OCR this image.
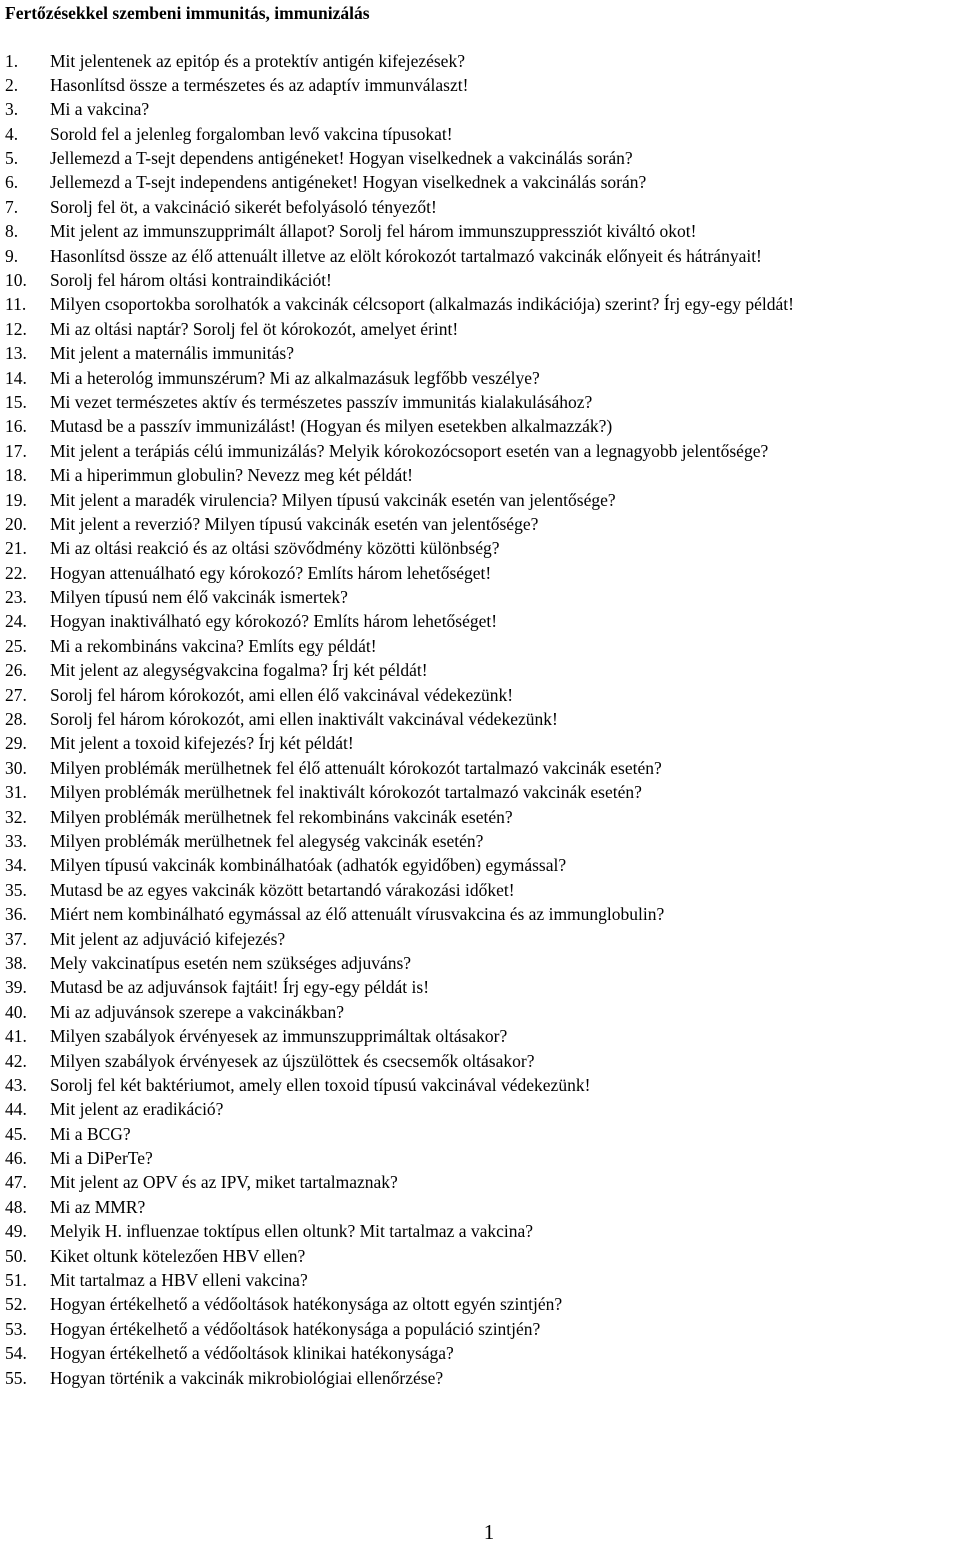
Fertőzésekkel szembeni immunitás, immunizálás
1. Mit jelentenek az epitóp és a protektív antigén kifejezések?
2. Hasonlítsd össze a természetes és az adaptív immunválaszt!
3. Mi a vakcina?
4. Sorold fel a jelenleg forgalomban levő vakcina típusokat!
5. Jellemezd a T-sejt dependens antigéneket! Hogyan viselkednek a vakcinálás során?
6. Jellemezd a T-sejt independens antigéneket! Hogyan viselkednek a vakcinálás során?
7. Sorolj fel öt, a vakcináció sikerét befolyásoló tényezőt!
8. Mit jelent az immunszupprimált állapot? Sorolj fel három immunszuppressziót kiváltó okot!
9. Hasonlítsd össze az élő attenuált illetve az elölt kórokozót tartalmazó vakcinák előnyeit és hátrányait!
10. Sorolj fel három oltási kontraindikációt!
11. Milyen csoportokba sorolhatók a vakcinák célcsoport (alkalmazás indikációja) szerint? Írj egy-egy példát!
12. Mi az oltási naptár? Sorolj fel öt kórokozót, amelyet érint!
13. Mit jelent a maternális immunitás?
14. Mi a heterológ immunszérum? Mi az alkalmazásuk legfőbb veszélye?
15. Mi vezet természetes aktív és természetes passzív immunitás kialakulásához?
16. Mutasd be a passzív immunizálást! (Hogyan és milyen esetekben alkalmazzák?)
17. Mit jelent a terápiás célú immunizálás? Melyik kórokozócsoport esetén van a legnagyobb jelentősége?
18. Mi a hiperimmun globulin? Nevezz meg két példát!
19. Mit jelent a maradék virulencia? Milyen típusú vakcinák esetén van jelentősége?
20. Mit jelent a reverzió? Milyen típusú vakcinák esetén van jelentősége?
21. Mi az oltási reakció és az oltási szövődmény közötti különbség?
22. Hogyan attenuálható egy kórokozó? Említs három lehetőséget!
23. Milyen típusú nem élő vakcinák ismertek?
24. Hogyan inaktiválható egy kórokozó? Említs három lehetőséget!
25. Mi a rekombináns vakcina? Említs egy példát!
26. Mit jelent az alegységvakcina fogalma? Írj két példát!
27. Sorolj fel három kórokozót, ami ellen élő vakcinával védekezünk!
28. Sorolj fel három kórokozót, ami ellen inaktivált vakcinával védekezünk!
29. Mit jelent a toxoid kifejezés? Írj két példát!
30. Milyen problémák merülhetnek fel élő attenuált kórokozót tartalmazó vakcinák esetén?
31. Milyen problémák merülhetnek fel inaktivált kórokozót tartalmazó vakcinák esetén?
32. Milyen problémák merülhetnek fel rekombináns vakcinák esetén?
33. Milyen problémák merülhetnek fel alegység vakcinák esetén?
34. Milyen típusú vakcinák kombinálhatóak (adhatók egyidőben) egymással?
35. Mutasd be az egyes vakcinák között betartandó várakozási időket!
36. Miért nem kombinálható egymással az élő attenuált vírusvakcina és az immunglobulin?
37. Mit jelent az adjuváció kifejezés?
38. Mely vakcinatípus esetén nem szükséges adjuváns?
39. Mutasd be az adjuvánsok fajtáit! Írj egy-egy példát is!
40. Mi az adjuvánsok szerepe a vakcinákban?
41. Milyen szabályok érvényesek az immunszupprimáltak oltásakor?
42. Milyen szabályok érvényesek az újszülöttek és csecsemők oltásakor?
43. Sorolj fel két baktériumot, amely ellen toxoid típusú vakcinával védekezünk!
44. Mit jelent az eradikáció?
45. Mi a BCG?
46. Mi a DiPerTe?
47. Mit jelent az OPV és az IPV, miket tartalmaznak?
48. Mi az MMR?
49. Melyik H. influenzae toktípus ellen oltunk? Mit tartalmaz a vakcina?
50. Kiket oltunk kötelezően HBV ellen?
51. Mit tartalmaz a HBV elleni vakcina?
52. Hogyan értékelhető a védőoltások hatékonysága az oltott egyén szintjén?
53. Hogyan értékelhető a védőoltások hatékonysága a populáció szintjén?
54. Hogyan értékelhető a védőoltások klinikai hatékonysága?
55. Hogyan történik a vakcinák mikrobiológiai ellenőrzése?
1
